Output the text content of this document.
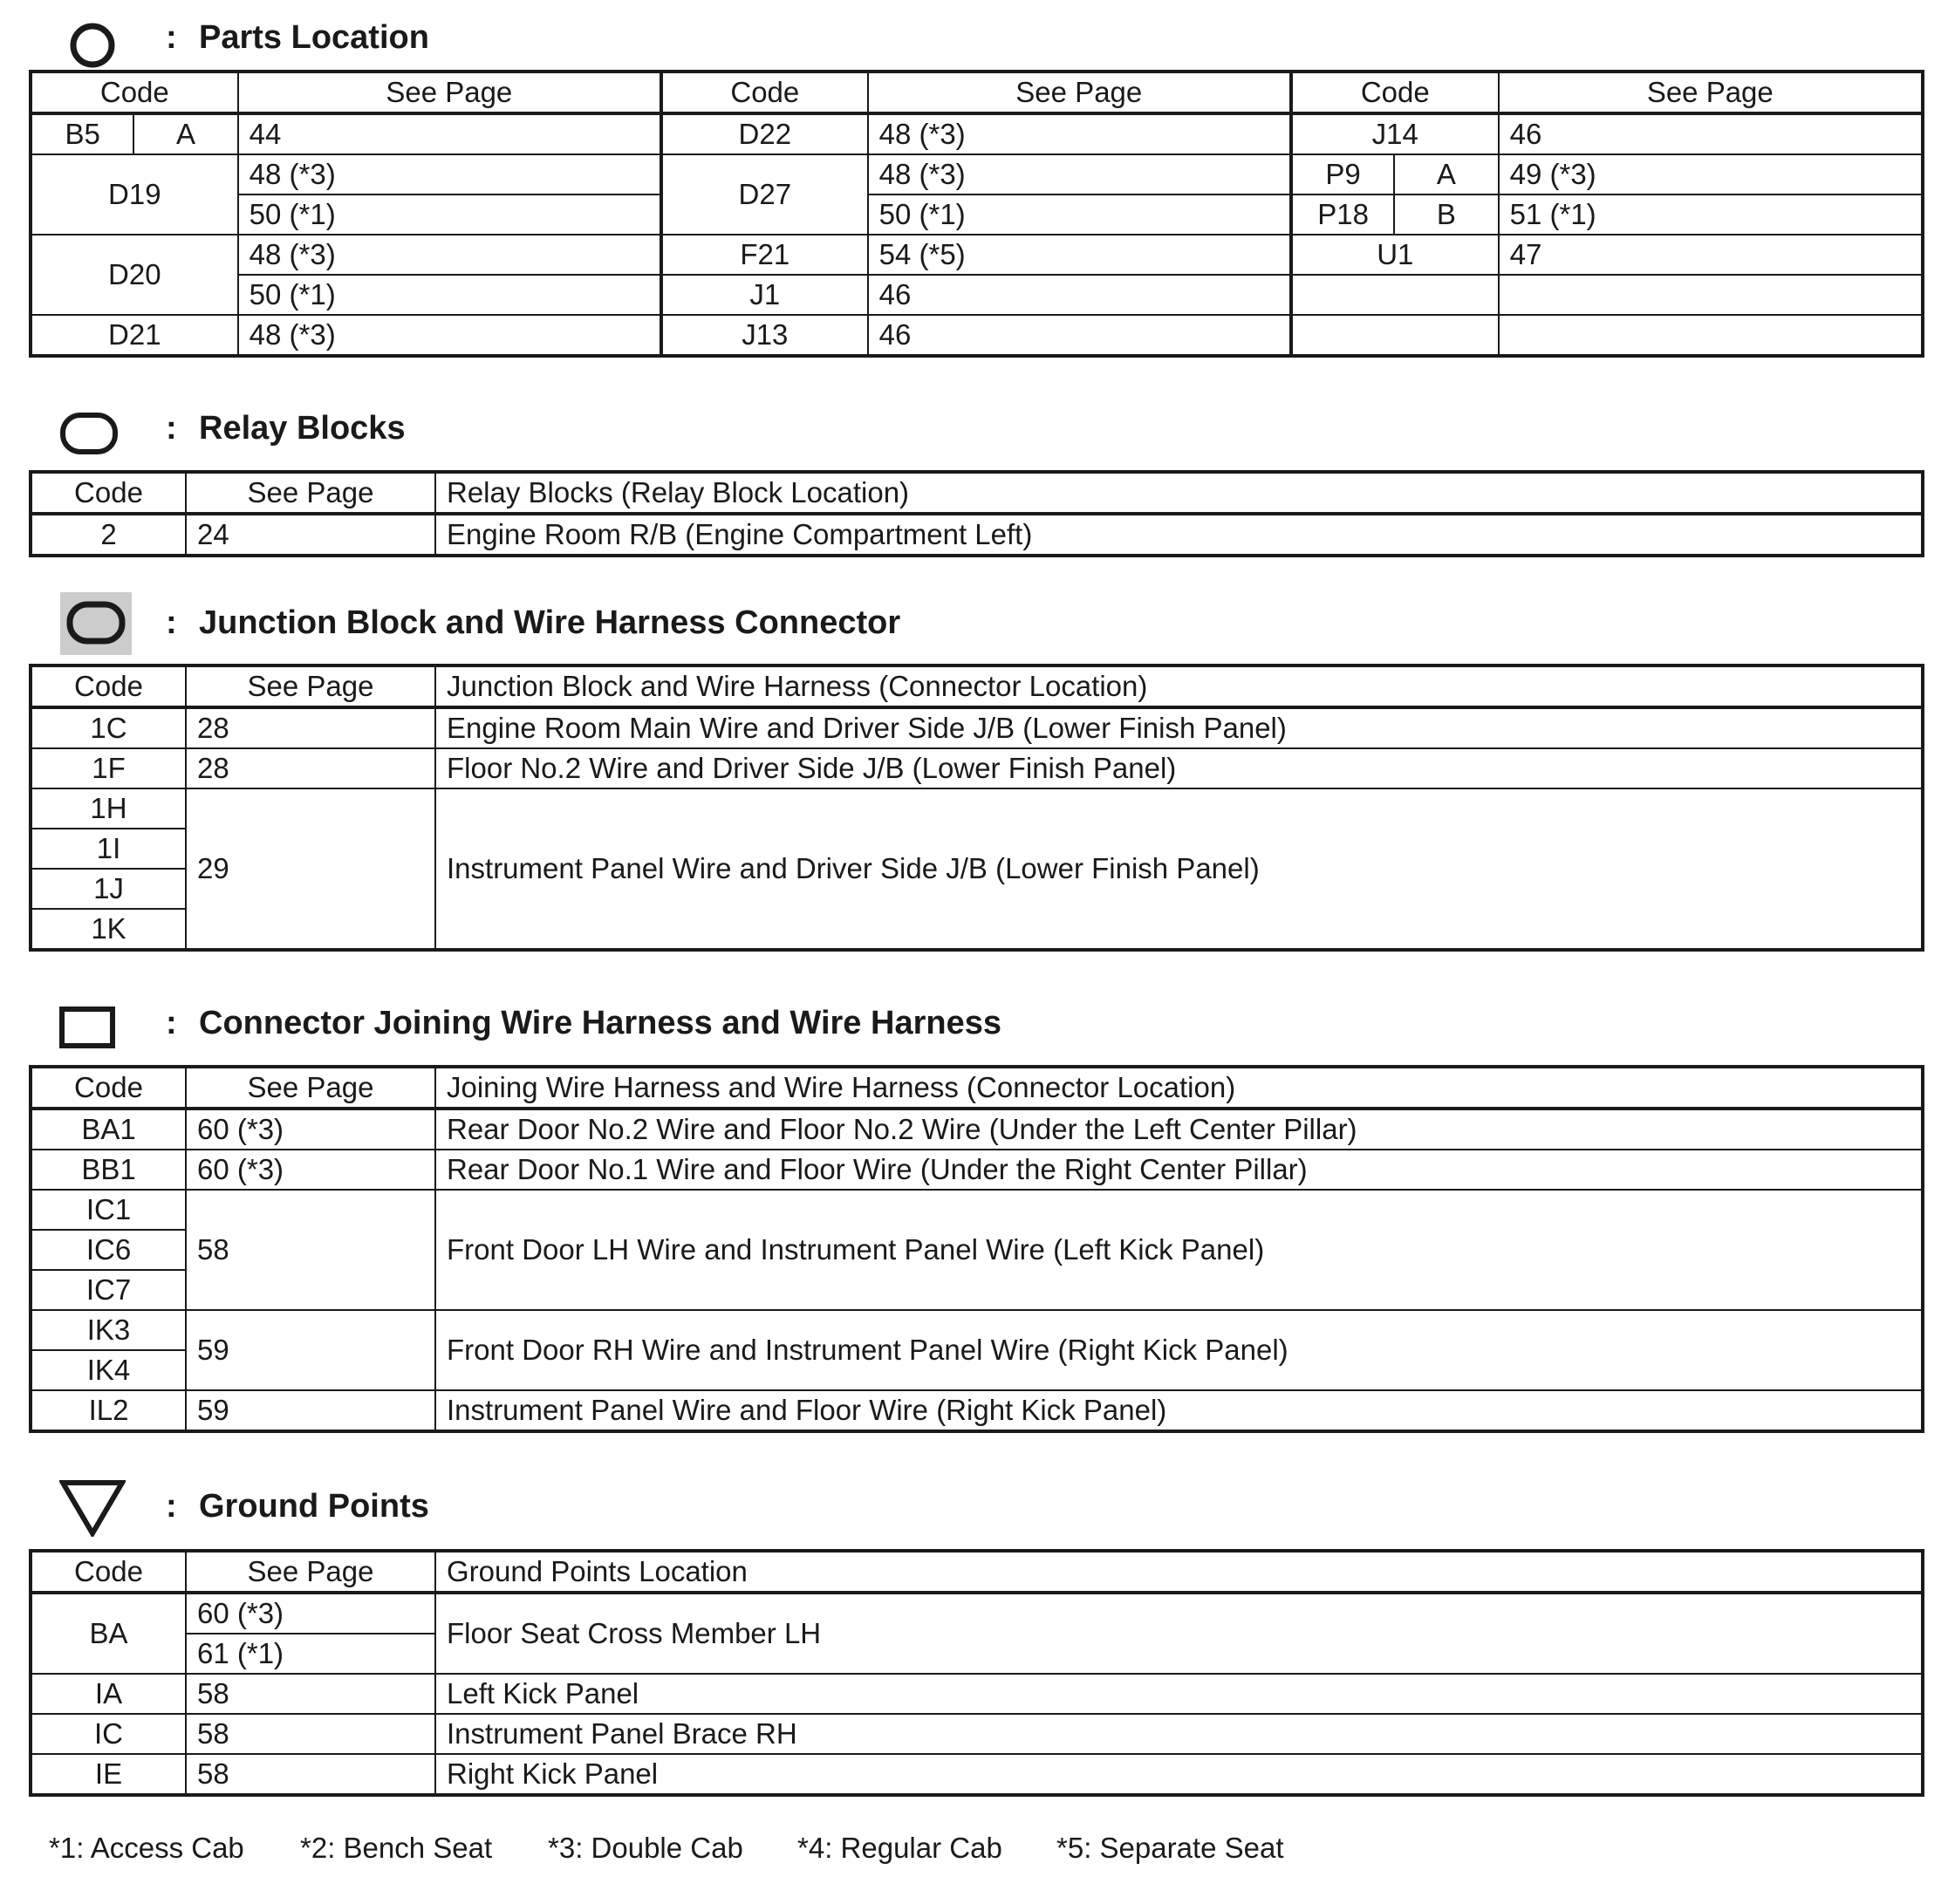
: Parts Location
Code		See Page	Code	See Page	Code		See Page
B5	A	44	D22	48 (*3)	J14		46
D19		48 (*3)	D27	48 (*3)	P9	A	49 (*3)
		50 (*1)		50 (*1)	P18	B	51 (*1)
D20		48 (*3)	F21	54 (*5)	U1		47
		50 (*1)	J1	46			
D21		48 (*3)	J13	46			
: Relay Blocks
Code	See Page	Relay Blocks (Relay Block Location)
2	24	Engine Room R/B (Engine Compartment Left)
: Junction Block and Wire Harness Connector
Code	See Page	Junction Block and Wire Harness (Connector Location)
1C	28	Engine Room Main Wire and Driver Side J/B (Lower Finish Panel)
1F	28	Floor No.2 Wire and Driver Side J/B (Lower Finish Panel)
1H	29	Instrument Panel Wire and Driver Side J/B (Lower Finish Panel)
1I		
1J		
1K		
: Connector Joining Wire Harness and Wire Harness
Code	See Page	Joining Wire Harness and Wire Harness (Connector Location)
BA1	60 (*3)	Rear Door No.2 Wire and Floor No.2 Wire (Under the Left Center Pillar)
BB1	60 (*3)	Rear Door No.1 Wire and Floor Wire (Under the Right Center Pillar)
IC1	58	Front Door LH Wire and Instrument Panel Wire (Left Kick Panel)
IC6		
IC7		
IK3	59	Front Door RH Wire and Instrument Panel Wire (Right Kick Panel)
IK4		
IL2	59	Instrument Panel Wire and Floor Wire (Right Kick Panel)
: Ground Points
Code	See Page	Ground Points Location
BA	60 (*3)	Floor Seat Cross Member LH
	61 (*1)	
IA	58	Left Kick Panel
IC	58	Instrument Panel Brace RH
IE	58	Right Kick Panel
*1: Access Cab *2: Bench Seat *3: Double Cab *4: Regular Cab *5: Separate Seat
